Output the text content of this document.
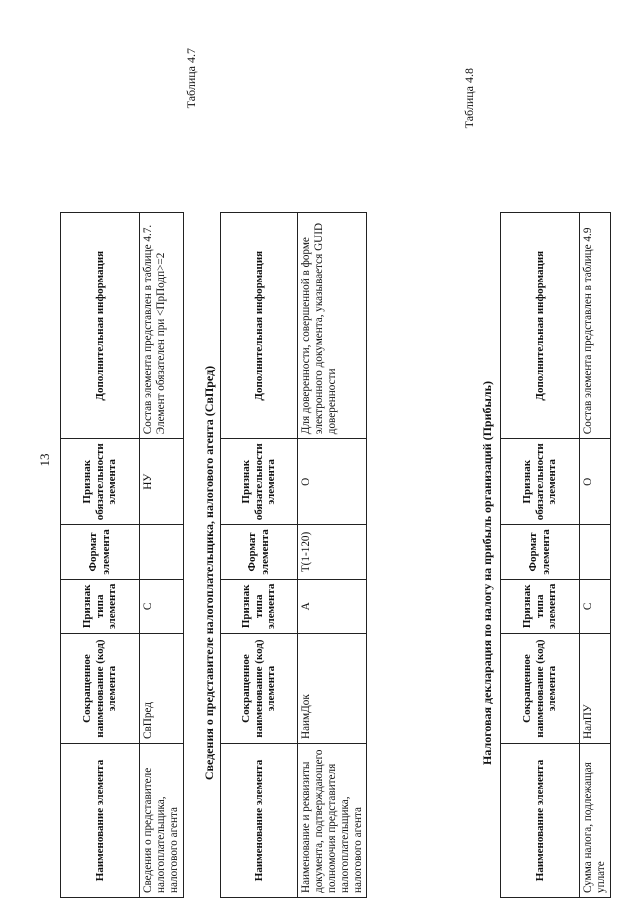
13
Наименование элемента	Сокращенное наименование (код) элемента	Признак типа элемента	Формат элемента	Признак обязательности элемента	Дополнительная информация
Сведения о представителе налогоплательщика, налогового агента	СвПред	С		НУ	Состав элемента представлен в таблице 4.7. Элемент обязателен при <ПрПодп>=2
Таблица 4.7
Сведения о представителе налогоплательщика, налогового агента (СвПред)
Наименование элемента	Сокращенное наименование (код) элемента	Признак типа элемента	Формат элемента	Признак обязательности элемента	Дополнительная информация
Наименование и реквизиты документа, подтверждающего полномочия представителя налогоплательщика, налогового агента	НаимДок	А	T(1-120)	О	Для доверенности, совершенной в форме электронного документа, указывается GUID доверенности
Таблица 4.8
Налоговая декларация по налогу на прибыль организаций (Прибыль)
Наименование элемента	Сокращенное наименование (код) элемента	Признак типа элемента	Формат элемента	Признак обязательности элемента	Дополнительная информация
Сумма налога, подлежащая уплате	НалПУ	С		О	Состав элемента представлен в таблице 4.9
